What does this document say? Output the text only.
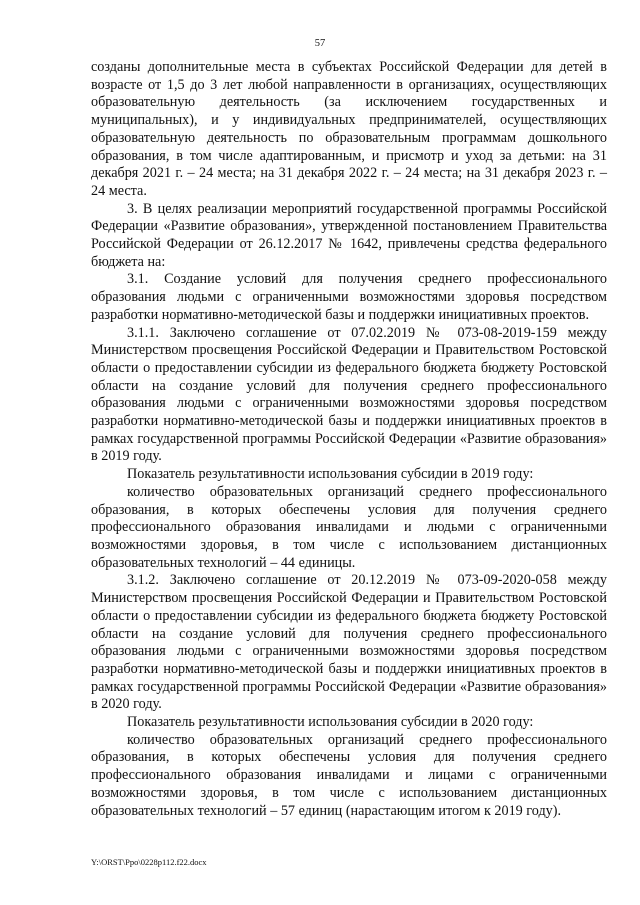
57

созданы дополнительные места в субъектах Российской Федерации для детей в возрасте от 1,5 до 3 лет любой направленности в организациях, осуществляющих образовательную деятельность (за исключением государственных и муниципальных), и у индивидуальных предпринимателей, осуществляющих образовательную деятельность по образовательным программам дошкольного образования, в том числе адаптированным, и присмотр и уход за детьми: на 31 декабря 2021 г. – 24 места; на 31 декабря 2022 г. – 24 места; на 31 декабря 2023 г. – 24 места.

3. В целях реализации мероприятий государственной программы Российской Федерации «Развитие образования», утвержденной постановлением Правительства Российской Федерации от 26.12.2017 № 1642, привлечены средства федерального бюджета на:

3.1. Создание условий для получения среднего профессионального образования людьми с ограниченными возможностями здоровья посредством разработки нормативно-методической базы и поддержки инициативных проектов.

3.1.1. Заключено соглашение от 07.02.2019 № 073-08-2019-159 между Министерством просвещения Российской Федерации и Правительством Ростовской области о предоставлении субсидии из федерального бюджета бюджету Ростовской области на создание условий для получения среднего профессионального образования людьми с ограниченными возможностями здоровья посредством разработки нормативно-методической базы и поддержки инициативных проектов в рамках государственной программы Российской Федерации «Развитие образования» в 2019 году.

Показатель результативности использования субсидии в 2019 году:

количество образовательных организаций среднего профессионального образования, в которых обеспечены условия для получения среднего профессионального образования инвалидами и людьми с ограниченными возможностями здоровья, в том числе с использованием дистанционных образовательных технологий – 44 единицы.

3.1.2. Заключено соглашение от 20.12.2019 № 073-09-2020-058 между Министерством просвещения Российской Федерации и Правительством Ростовской области о предоставлении субсидии из федерального бюджета бюджету Ростовской области на создание условий для получения среднего профессионального образования людьми с ограниченными возможностями здоровья посредством разработки нормативно-методической базы и поддержки инициативных проектов в рамках государственной программы Российской Федерации «Развитие образования» в 2020 году.

Показатель результативности использования субсидии в 2020 году:

количество образовательных организаций среднего профессионального образования, в которых обеспечены условия для получения среднего профессионального образования инвалидами и лицами с ограниченными возможностями здоровья, в том числе с использованием дистанционных образовательных технологий – 57 единиц (нарастающим итогом к 2019 году).

Y:\ORST\Ppo\0228p112.f22.docx
